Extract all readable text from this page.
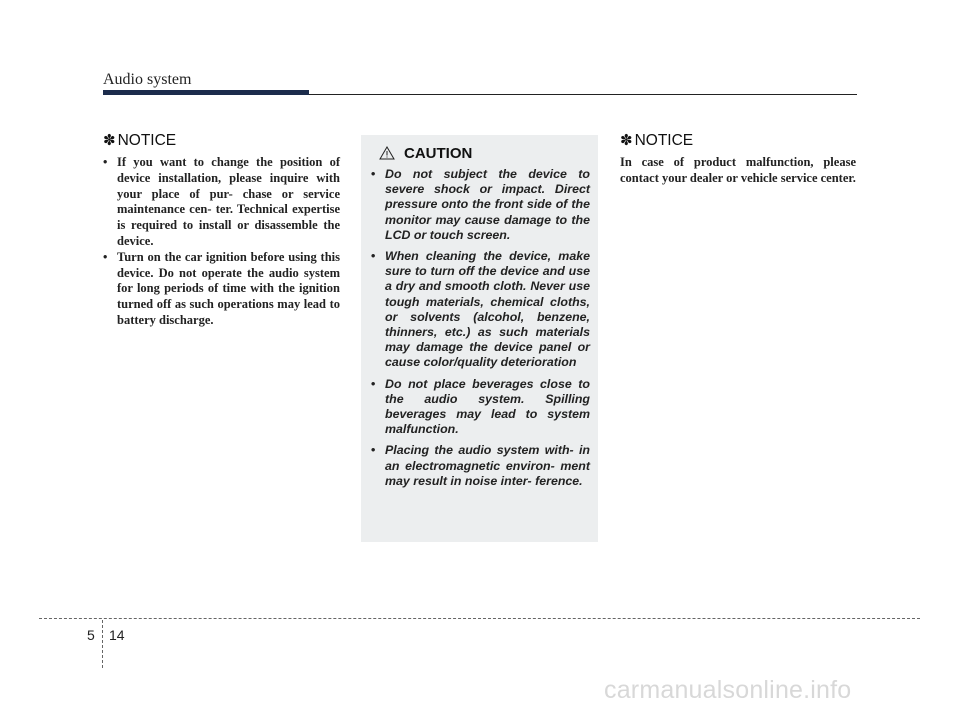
Audio system
✽ NOTICE
• If you want to change the position of device installation, please inquire with your place of pur- chase or service maintenance cen- ter. Technical expertise is required to install or disassemble the device.
• Turn on the car ignition before using this device. Do not operate the audio system for long periods of time with the ignition turned off as such operations may lead to battery discharge.
CAUTION
• Do not subject the device to severe shock or impact. Direct pressure onto the front side of the monitor may cause damage to the LCD or touch screen.
• When cleaning the device, make sure to turn off the device and use a dry and smooth cloth. Never use tough materials, chemical cloths, or solvents (alcohol, benzene, thinners, etc.) as such materials may damage the device panel or cause color/quality deterioration
• Do not place beverages close to the audio system. Spilling beverages may lead to system malfunction.
• Placing the audio system with- in an electromagnetic environ- ment may result in noise inter- ference.
✽ NOTICE

In case of product malfunction, please contact your dealer or vehicle service center.

5 14
carmanualsonline.info
